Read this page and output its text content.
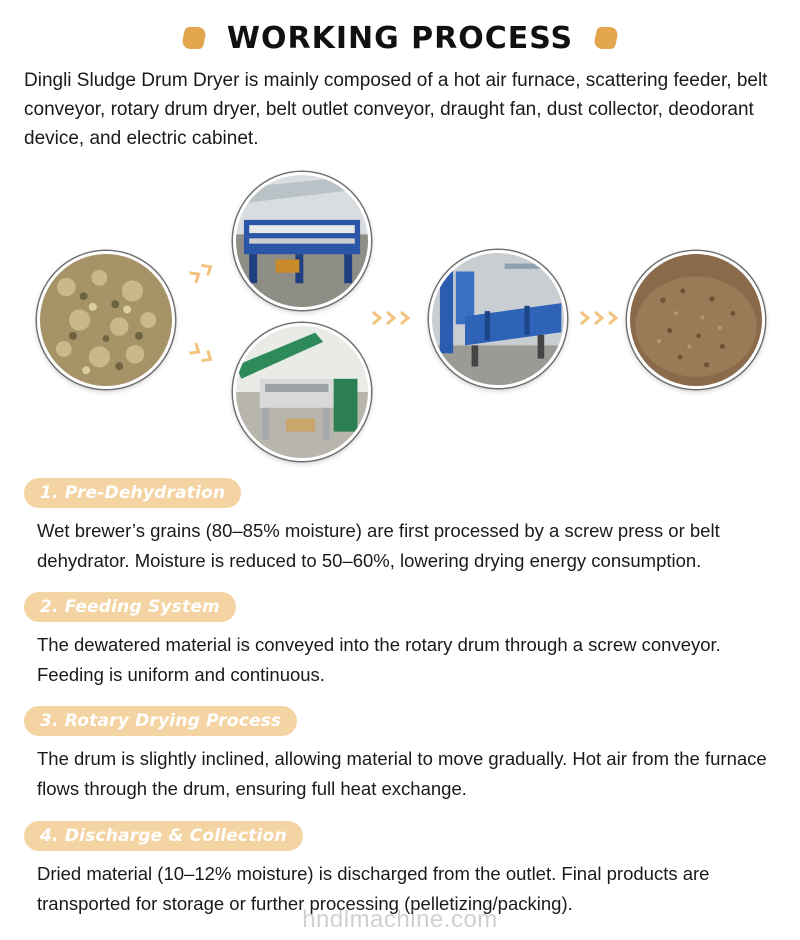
WORKING PROCESS

Dingli Sludge Drum Dryer is mainly composed of a hot air furnace, scattering feeder, belt conveyor, rotary drum dryer, belt outlet conveyor, draught fan, dust collector, deodorant device, and electric cabinet.

1. Pre-Dehydration

Wet brewer’s grains (80–85% moisture) are first processed by a screw press or belt dehydrator. Moisture is reduced to 50–60%, lowering drying energy consumption.

2. Feeding System

The dewatered material is conveyed into the rotary drum through a screw conveyor. Feeding is uniform and continuous.

3. Rotary Drying Process

The drum is slightly inclined, allowing material to move gradually. Hot air from the furnace flows through the drum, ensuring full heat exchange.

4. Discharge & Collection

Dried material (10–12% moisture) is discharged from the outlet. Final products are transported for storage or further processing (pelletizing/packing).

hndlmachine.com
